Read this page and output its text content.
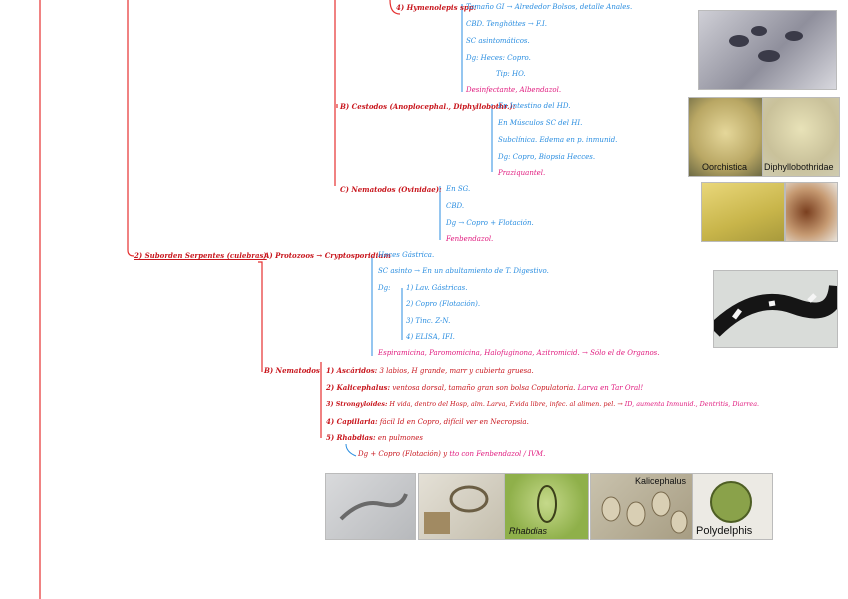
4) Hymenolepis spp:
Tamaño GI → Alrededor Bolsos, detalle Anales.
CBD. Tenghöttes → F.I.
SC asintomáticos.
Dg: Heces: Copro.
Tip: HO.
Desinfectante, Albendazol.
B) Cestodos (Anoplocephal., Diphyllobothr.):
En Intestino del HD.
En Músculos SC del HI.
Subclínica. Edema en p. inmunid.
Dg: Copro, Biopsia Hecces.
Praziquantel.
C) Nematodos (Ovinidae): En SG.
CBD.
Dg → Copro + Flotación.
Fenbendazol.
2) Suborden Serpentes (culebras)
A) Protozoos → Cryptosporidium
Heces Gástrica.
SC asinto → En un abultamiento de T. Digestivo.
Dg: 1) Lav. Gástricas.
2) Copro (Flotación).
3) Tinc. Z-N.
4) ELISA, IFI.
Espiramicina, Paromomicina, Halofuginona, Azitromicid. → Sólo el de Organos.
B) Nematodos 1) Ascáridos: 3 labios, H grande, marr y cubierta gruesa.
2) Kalicephalus: ventosa dorsal, tamaño gran son bolsa Copulatoria. Larva en Tar Oral!
3) Strongyloides: H vida, dentro del Hosp, alm. Larva, F.vida libre, infec. al alimen. pel. → ID, aumenta Inmunid., Dentritis, Diarrea.
4) Capillaria: fácil Id en Copro, difícil ver en Necropsia.
5) Rhabdias: en pulmones
Dg + Copro (Flotación) y tto con Fenbendazol / IVM.
Oorchistica Diphyllobothridae
Rhabdias
Kalicephalus
Polydelphis
